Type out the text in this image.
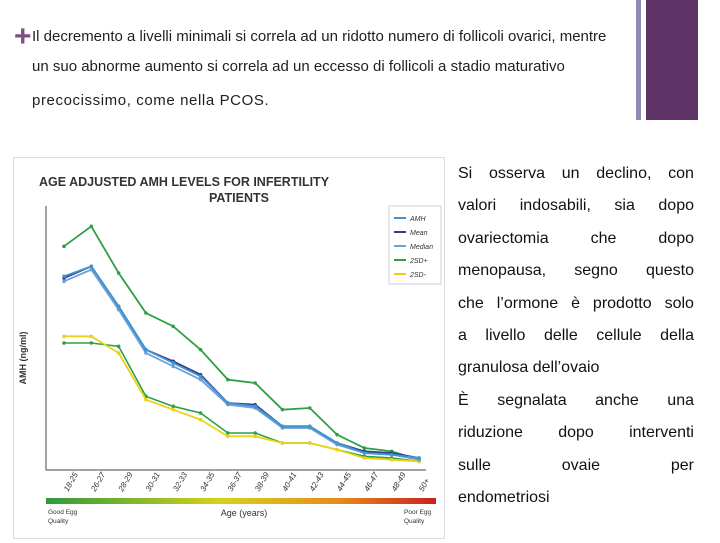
+ Il decremento a livelli minimali si correla ad un ridotto numero di follicoli ovarici, mentre
un suo abnorme aumento si correla ad un eccesso di follicoli a stadio maturativo
precocissimo, come nella PCOS.
AGE ADJUSTED AMH LEVELS FOR INFERTILITY
PATIENTS
AMH (ng/ml)
AMH
Mean
Median
2SD+
2SD-
18-25 26-27 28-29 30-31 32-33 34-35 36-37 38-39 40-41 42-43 44-45 46-47 48-49 50+
Good Egg Quality
Poor Egg Quality
Age (years)
Si osserva un declino, con
valori indosabili, sia dopo
ovariectomia	che	dopo
menopausa, segno questo
che l’ormone è prodotto solo
a livello delle cellule della
granulosa dell’ovaio
È segnalata anche una
riduzione dopo interventi
sulle	ovaie	per
endometriosi
